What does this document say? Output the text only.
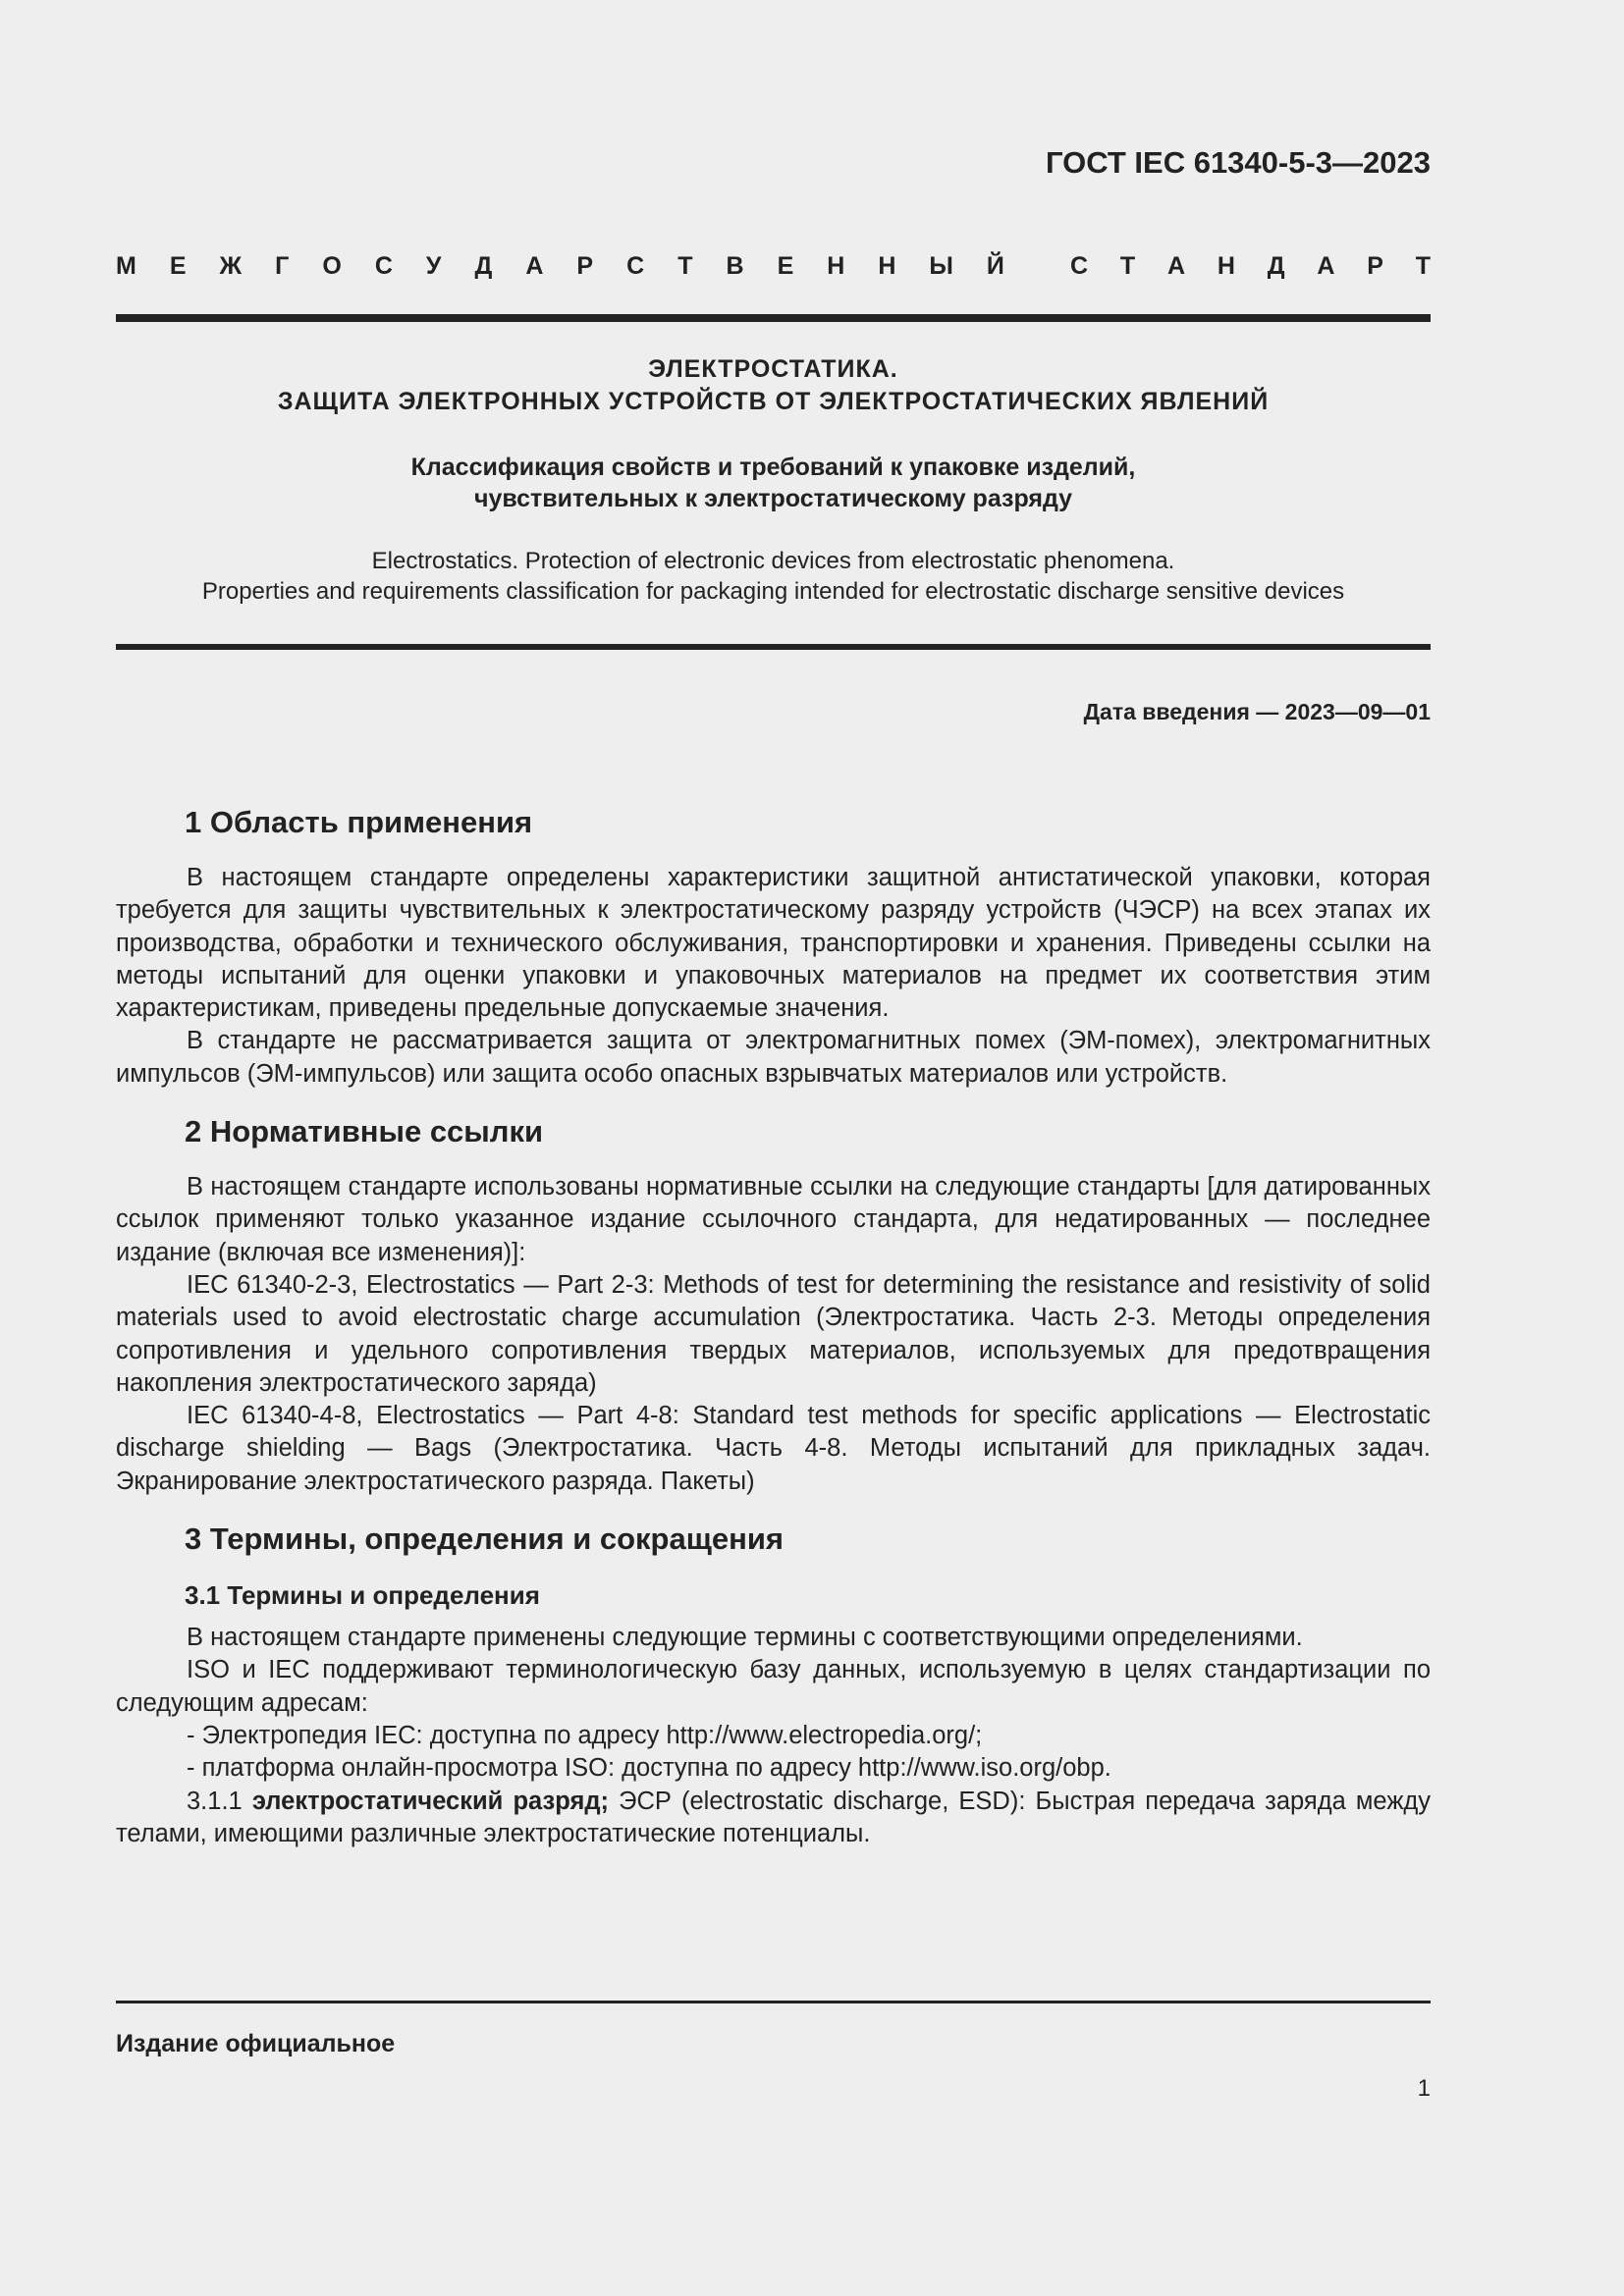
ГОСТ IEC 61340-5-3—2023
М Е Ж Г О С У Д А Р С Т В Е Н Н Ы Й	С Т А Н Д А Р Т
ЭЛЕКТРОСТАТИКА.
ЗАЩИТА ЭЛЕКТРОННЫХ УСТРОЙСТВ ОТ ЭЛЕКТРОСТАТИЧЕСКИХ ЯВЛЕНИЙ
Классификация свойств и требований к упаковке изделий,
чувствительных к электростатическому разряду
Electrostatics. Protection of electronic devices from electrostatic phenomena.
Properties and requirements classification for packaging intended for electrostatic discharge sensitive devices
Дата введения — 2023—09—01
1 Область применения

В настоящем стандарте определены характеристики защитной антистатической упаковки, которая требуется для защиты чувствительных к электростатическому разряду устройств (ЧЭСР) на всех этапах их производства, обработки и технического обслуживания, транспортировки и хранения. Приведены ссылки на методы испытаний для оценки упаковки и упаковочных материалов на предмет их соответствия этим характеристикам, приведены предельные допускаемые значения.

В стандарте не рассматривается защита от электромагнитных помех (ЭМ-помех), электромагнитных импульсов (ЭМ-импульсов) или защита особо опасных взрывчатых материалов или устройств.

2 Нормативные ссылки

В настоящем стандарте использованы нормативные ссылки на следующие стандарты [для датированных ссылок применяют только указанное издание ссылочного стандарта, для недатированных — последнее издание (включая все изменения)]:

IEC 61340-2-3, Electrostatics — Part 2-3: Methods of test for determining the resistance and resistivity of solid materials used to avoid electrostatic charge accumulation (Электростатика. Часть 2-3. Методы определения сопротивления и удельного сопротивления твердых материалов, используемых для предотвращения накопления электростатического заряда)

IEC 61340-4-8, Electrostatics — Part 4-8: Standard test methods for specific applications — Electrostatic discharge shielding — Bags (Электростатика. Часть 4-8. Методы испытаний для прикладных задач. Экранирование электростатического разряда. Пакеты)

3 Термины, определения и сокращения
3.1 Термины и определения

В настоящем стандарте применены следующие термины с соответствующими определениями.

ISO и IEC поддерживают терминологическую базу данных, используемую в целях стандартизации по следующим адресам:

- Электропедия IEC: доступна по адресу http://www.electropedia.org/;

- платформа онлайн-просмотра ISO: доступна по адресу http://www.iso.org/obp.

3.1.1 электростатический разряд; ЭСР (electrostatic discharge, ESD): Быстрая передача заряда между телами, имеющими различные электростатические потенциалы.

Издание официальное
1
